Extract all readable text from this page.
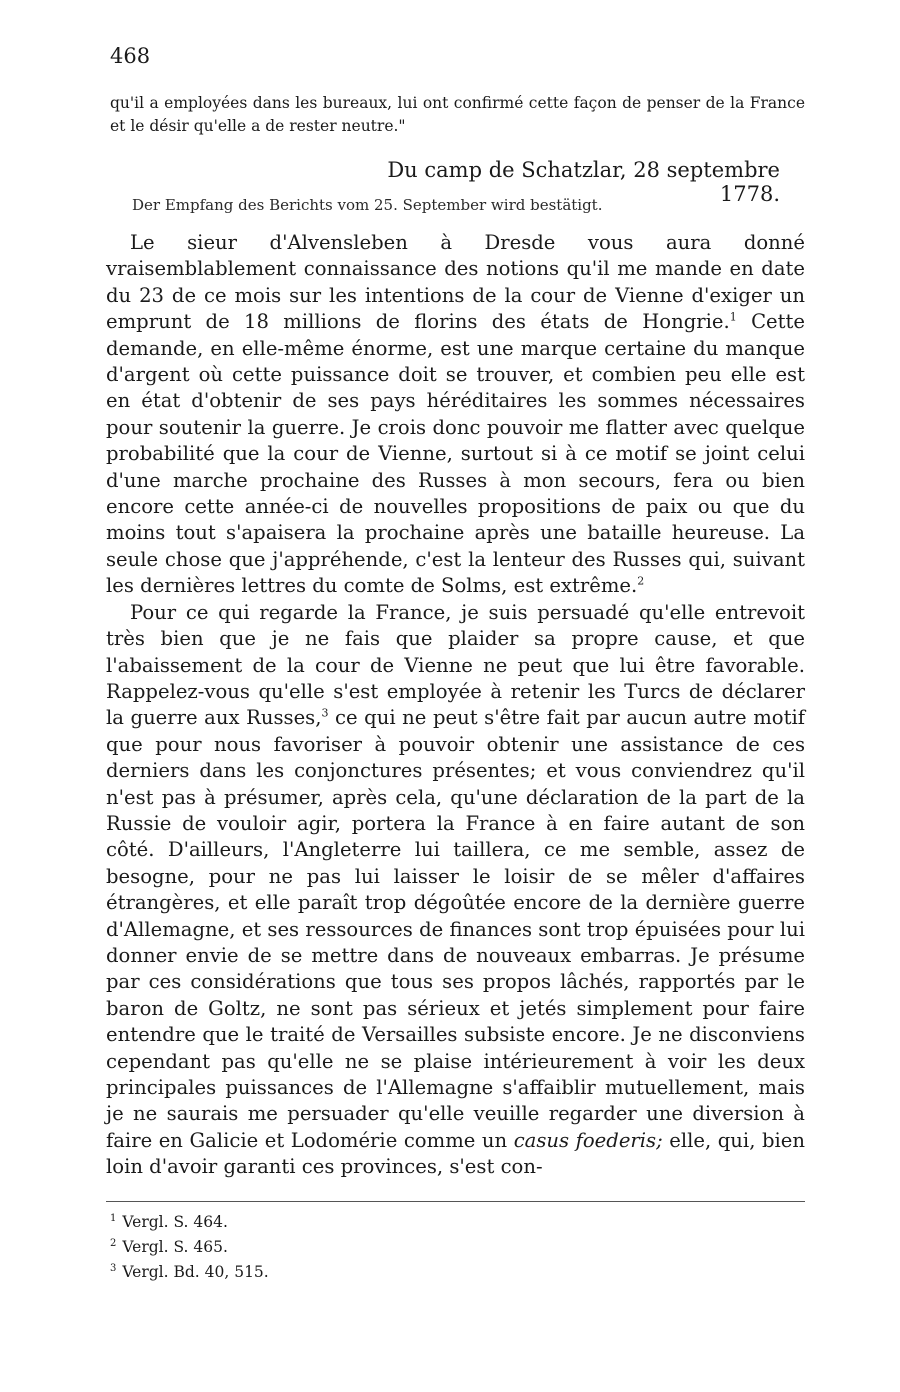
468
qu'il a employées dans les bureaux, lui ont confirmé cette façon de penser de la France et le désir qu'elle a de rester neutre."
Du camp de Schatzlar, 28 septembre 1778.
Der Empfang des Berichts vom 25. September wird bestätigt.

Le sieur d'Alvensleben à Dresde vous aura donné vraisemblablement connaissance des notions qu'il me mande en date du 23 de ce mois sur les intentions de la cour de Vienne d'exiger un emprunt de 18 millions de florins des états de Hongrie.$^1$ Cette demande, en elle-même énorme, est une marque certaine du manque d'argent où cette puissance doit se trouver, et combien peu elle est en état d'obtenir de ses pays héréditaires les sommes nécessaires pour soutenir la guerre. Je crois donc pouvoir me flatter avec quelque probabilité que la cour de Vienne, surtout si à ce motif se joint celui d'une marche prochaine des Russes à mon secours, fera ou bien encore cette année-ci de nouvelles propositions de paix ou que du moins tout s'apaisera la prochaine après une bataille heureuse. La seule chose que j'appréhende, c'est la lenteur des Russes qui, suivant les dernières lettres du comte de Solms, est extrême.$^2$

Pour ce qui regarde la France, je suis persuadé qu'elle entrevoit très bien que je ne fais que plaider sa propre cause, et que l'abaissement de la cour de Vienne ne peut que lui être favorable. Rappelez-vous qu'elle s'est employée à retenir les Turcs de déclarer la guerre aux Russes,$^3$ ce qui ne peut s'être fait par aucun autre motif que pour nous favoriser à pouvoir obtenir une assistance de ces derniers dans les conjonctures présentes; et vous conviendrez qu'il n'est pas à présumer, après cela, qu'une déclaration de la part de la Russie de vouloir agir, portera la France à en faire autant de son côté. D'ailleurs, l'Angleterre lui taillera, ce me semble, assez de besogne, pour ne pas lui laisser le loisir de se mêler d'affaires étrangères, et elle paraît trop dégoûtée encore de la dernière guerre d'Allemagne, et ses ressources de finances sont trop épuisées pour lui donner envie de se mettre dans de nouveaux embarras. Je présume par ces considérations que tous ses propos lâchés, rapportés par le baron de Goltz, ne sont pas sérieux et jetés simplement pour faire entendre que le traité de Versailles subsiste encore. Je ne disconviens cependant pas qu'elle ne se plaise intérieurement à voir les deux principales puissances de l'Allemagne s'affaiblir mutuellement, mais je ne saurais me persuader qu'elle veuille regarder une diversion à faire en Galicie et Lodomérie comme un casus foederis; elle, qui, bien loin d'avoir garanti ces provinces, s'est con-

$^1$ Vergl. S. 464.
$^2$ Vergl. S. 465.
$^3$ Vergl. Bd. 40, 515.
